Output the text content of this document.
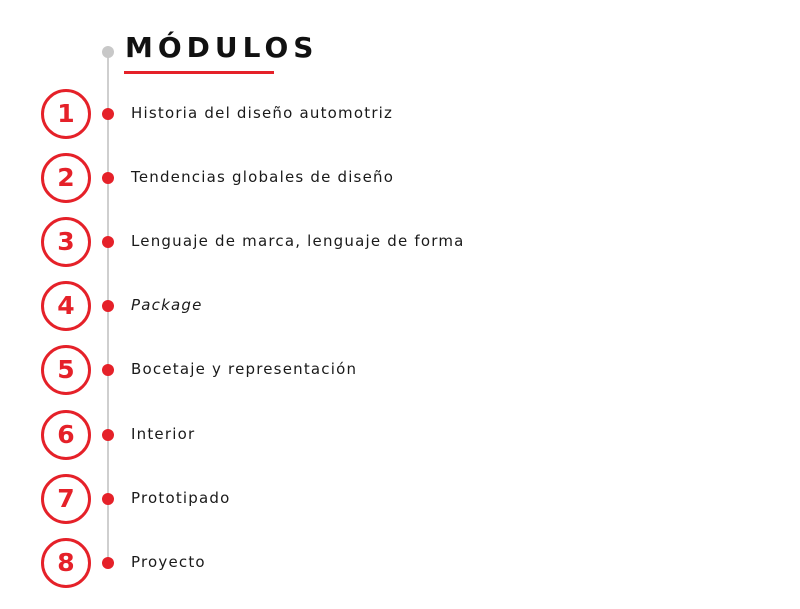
MÓDULOS
1	Historia del diseño automotriz
2	Tendencias globales de diseño
3	Lenguaje de marca, lenguaje de forma
4	Package
5	Bocetaje y representación
6	Interior
7	Prototipado
8	Proyecto
